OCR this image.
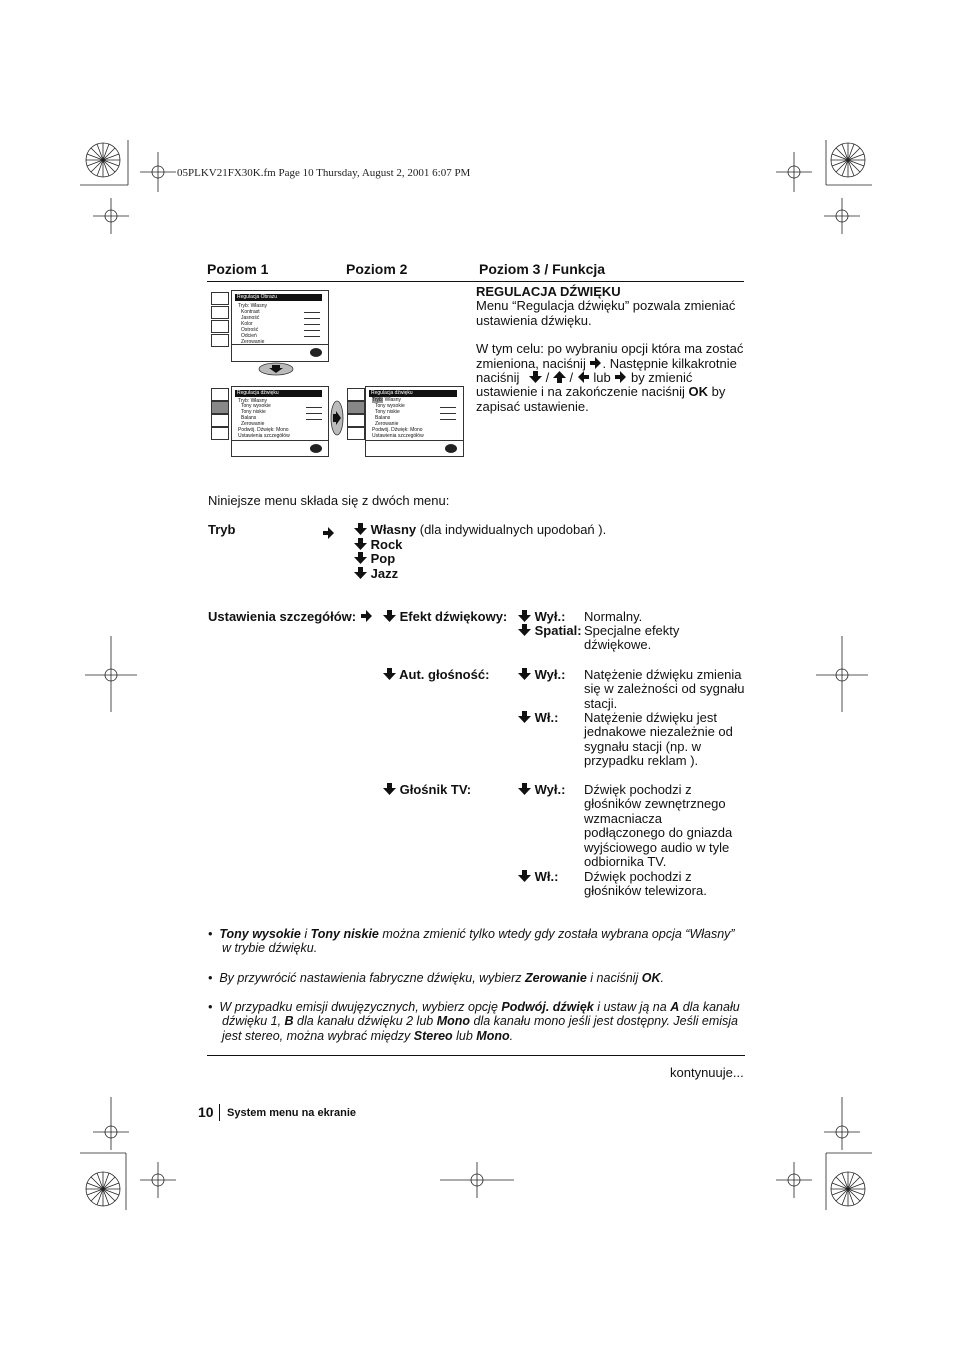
05PLKV21FX30K.fm Page 10 Thursday, August 2, 2001 6:07 PM
Poziom 1	Poziom 2	Poziom 3 / Funkcja
Regulacja Obrazu
Tryb: Własny
Kontrast
Jasność
Kolor
Ostrość
Odcień
Zerowanie
Regulacja dźwięku
Tryb: Własny
Tony wysokie
Tony niskie
Balans
Zerowanie
Podwój. Dźwięk: Mono
Ustawienia szczegółów
Regulacja dźwięku
Tryb: Własny
Tony wysokie
Tony niskie
Balans
Zerowanie
Podwój. Dźwięk: Mono
Ustawienia szczegółów
REGULACJA DŹWIĘKU
Menu “Regulacja dźwięku” pozwala zmieniać ustawienia dźwięku.
W tym celu: po wybraniu opcji która ma zostać
zmieniona, naciśnij . Następnie kilkakrotnie
naciśnij / / lub by zmienić
ustawienie i na zakończenie naciśnij OK by
zapisać ustawienie.
Niniejsze menu składa się z dwóch menu:
Tryb	Własny (dla indywidualnych upodobań ).
Rock
Pop
Jazz
Ustawienia szczegółów:	Efekt dźwiękowy:	Wył.: Normalny.
Spatial: Specjalne efekty
dźwiękowe.
Aut. głośność:	Wył.: Natężenie dźwięku zmienia
się w zależności od sygnału
stacji.
Wł.: Natężenie dźwięku jest
jednakowe niezależnie od
sygnału stacji (np. w
przypadku reklam ).
Głośnik TV:	Wył.: Dźwięk pochodzi z
głośników zewnętrznego
wzmacniacza
podłączonego do gniazda
wyjściowego audio w tyle
odbiornika TV.
Wł.: Dźwięk pochodzi z
głośników telewizora.
•  Tony wysokie i Tony niskie można zmienić tylko wtedy gdy została wybrana opcja “Własny”
w trybie dźwięku.
•  By przywrócić nastawienia fabryczne dźwięku, wybierz Zerowanie i naciśnij OK.
•  W przypadku emisji dwujęzycznych, wybierz opcję Podwój. dźwięk i ustaw ją na A dla kanału
dźwięku 1, B dla kanału dźwięku 2 lub Mono dla kanału mono jeśli jest dostępny. Jeśli emisja
jest stereo, można wybrać między Stereo lub Mono.
kontynuuje...
10 System menu na ekranie
